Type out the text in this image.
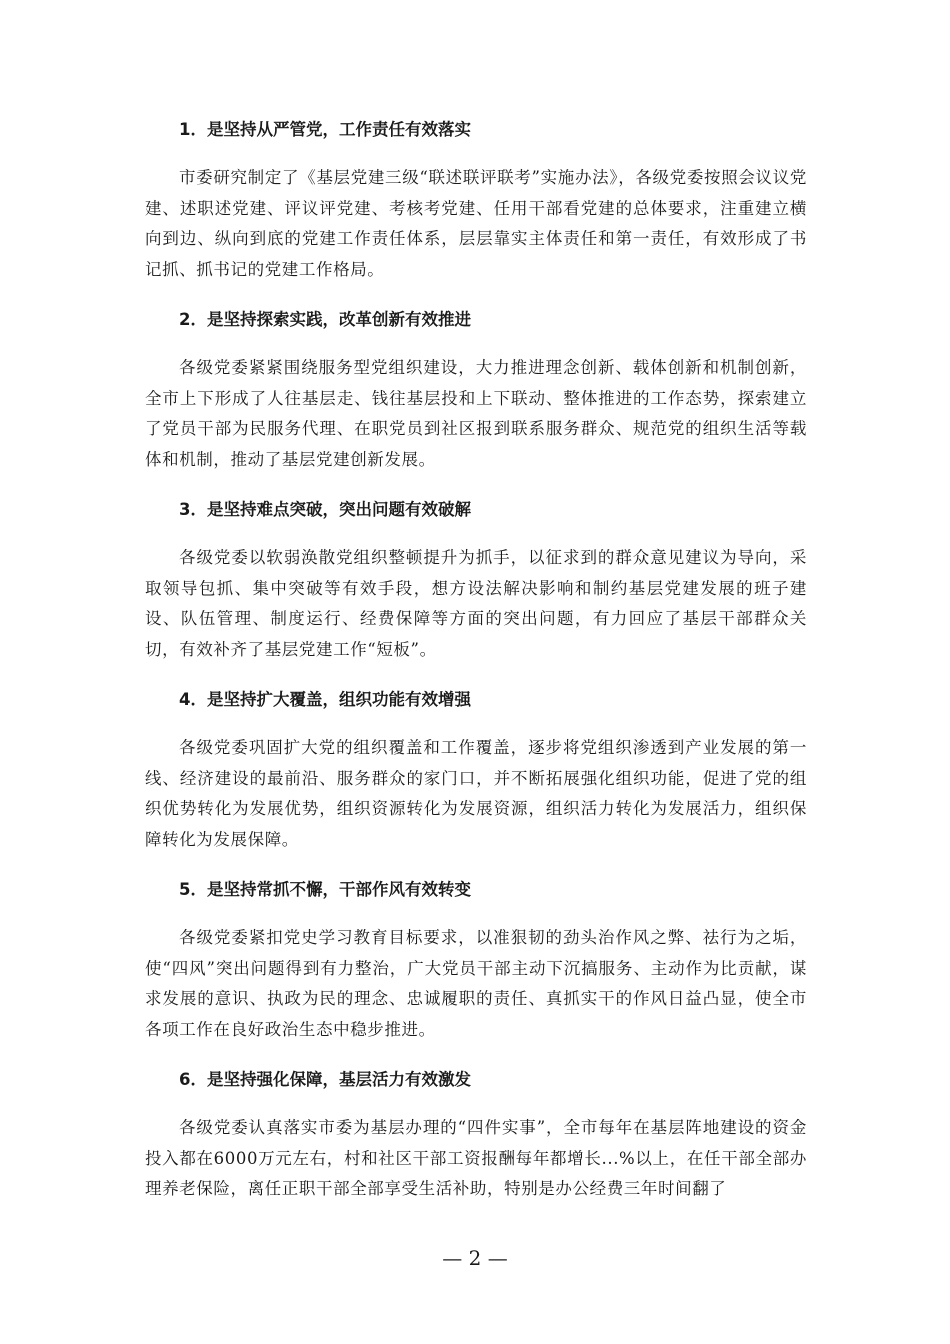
1．是坚持从严管党，工作责任有效落实

市委研究制定了《基层党建三级“联述联评联考”实施办法》，各级党委按照会议议党建、述职述党建、评议评党建、考核考党建、任用干部看党建的总体要求，注重建立横向到边、纵向到底的党建工作责任体系，层层靠实主体责任和第一责任，有效形成了书记抓、抓书记的党建工作格局。

2．是坚持探索实践，改革创新有效推进

各级党委紧紧围绕服务型党组织建设，大力推进理念创新、载体创新和机制创新，全市上下形成了人往基层走、钱往基层投和上下联动、整体推进的工作态势，探索建立了党员干部为民服务代理、在职党员到社区报到联系服务群众、规范党的组织生活等载体和机制，推动了基层党建创新发展。

3．是坚持难点突破，突出问题有效破解

各级党委以软弱涣散党组织整顿提升为抓手，以征求到的群众意见建议为导向，采取领导包抓、集中突破等有效手段，想方设法解决影响和制约基层党建发展的班子建设、队伍管理、制度运行、经费保障等方面的突出问题，有力回应了基层干部群众关切，有效补齐了基层党建工作“短板”。

4．是坚持扩大覆盖，组织功能有效增强

各级党委巩固扩大党的组织覆盖和工作覆盖，逐步将党组织渗透到产业发展的第一线、经济建设的最前沿、服务群众的家门口，并不断拓展强化组织功能，促进了党的组织优势转化为发展优势，组织资源转化为发展资源，组织活力转化为发展活力，组织保障转化为发展保障。

5．是坚持常抓不懈，干部作风有效转变

各级党委紧扣党史学习教育目标要求，以准狠韧的劲头治作风之弊、祛行为之垢，使“四风”突出问题得到有力整治，广大党员干部主动下沉搞服务、主动作为比贡献，谋求发展的意识、执政为民的理念、忠诚履职的责任、真抓实干的作风日益凸显，使全市各项工作在良好政治生态中稳步推进。

6．是坚持强化保障，基层活力有效激发

各级党委认真落实市委为基层办理的“四件实事”，全市每年在基层阵地建设的资金投入都在6000万元左右，村和社区干部工资报酬每年都增长...%以上，在任干部全部办理养老保险，离任正职干部全部享受生活补助，特别是办公经费三年时间翻了

— 2 —
